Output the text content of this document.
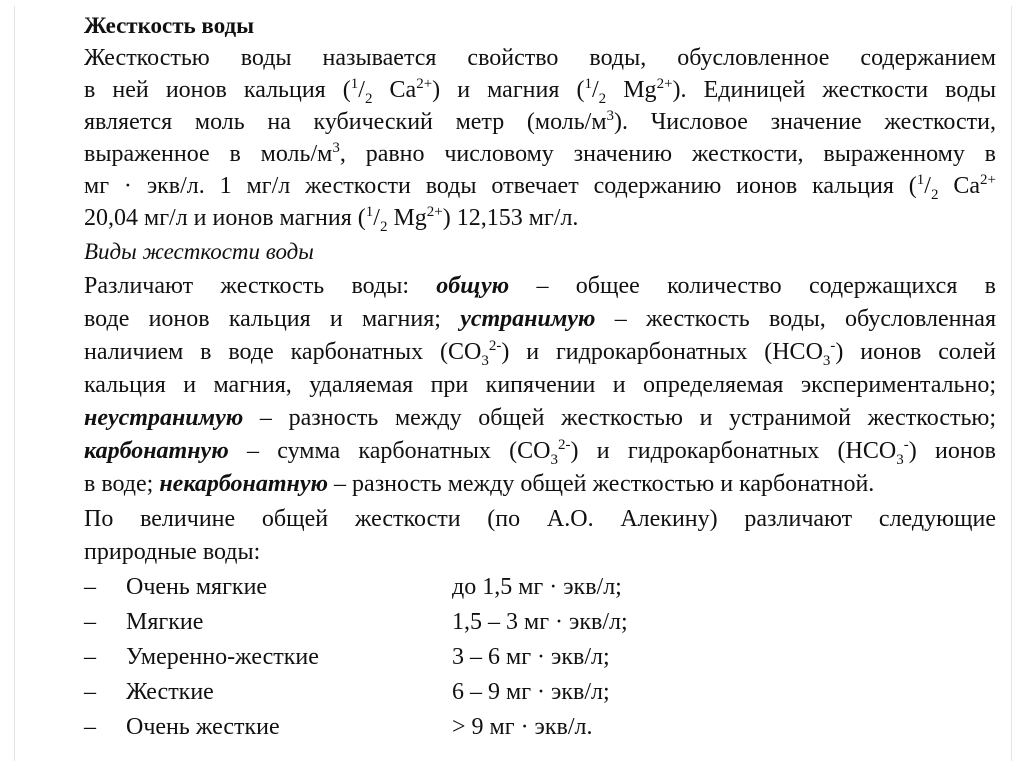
Жесткость воды
Жесткостью воды называется свойство воды, обусловленное содержанием
в ней ионов кальция ($^1/_2$ $Ca^{2+}$) и магния ($^1/_2$ $Mg^{2+}$). Единицей жесткости воды
является моль на кубический метр $(моль/м^3)$. Числовое значение жесткости,
выраженное в моль/$м^3$, равно числовому значению жесткости, выраженному в
мг · экв/л. 1 мг/л жесткости воды отвечает содержанию ионов кальция ($^1/_2$ $Ca^{2+}$
20,04 мг/л и ионов магния ($^1/_2$ $Mg^{2+}$) 12,153 мг/л.
Виды жесткости воды
Различают жесткость воды: общую – общее количество содержащихся в
воде ионов кальция и магния; устранимую – жесткость воды, обусловленная
наличием в воде карбонатных $(CO_3^{2-})$ и гидрокарбонатных $(HCO_3^-)$ ионов солей
кальция и магния, удаляемая при кипячении и определяемая экспериментально;
неустранимую – разность между общей жесткостью и устранимой жесткостью;
карбонатную – сумма карбонатных $(CO_3^{2-})$ и гидрокарбонатных $(HCO_3^-)$ ионов
в воде; некарбонатную – разность между общей жесткостью и карбонатной.
По величине общей жесткости (по А.О. Алекину) различают следующие
природные воды:
– Очень мягкие	до 1,5 мг · экв/л;
– Мягкие	1,5 – 3 мг · экв/л;
– Умеренно-жесткие	3 – 6 мг · экв/л;
– Жесткие	6 – 9 мг · экв/л;
– Очень жесткие	> 9 мг · экв/л.
